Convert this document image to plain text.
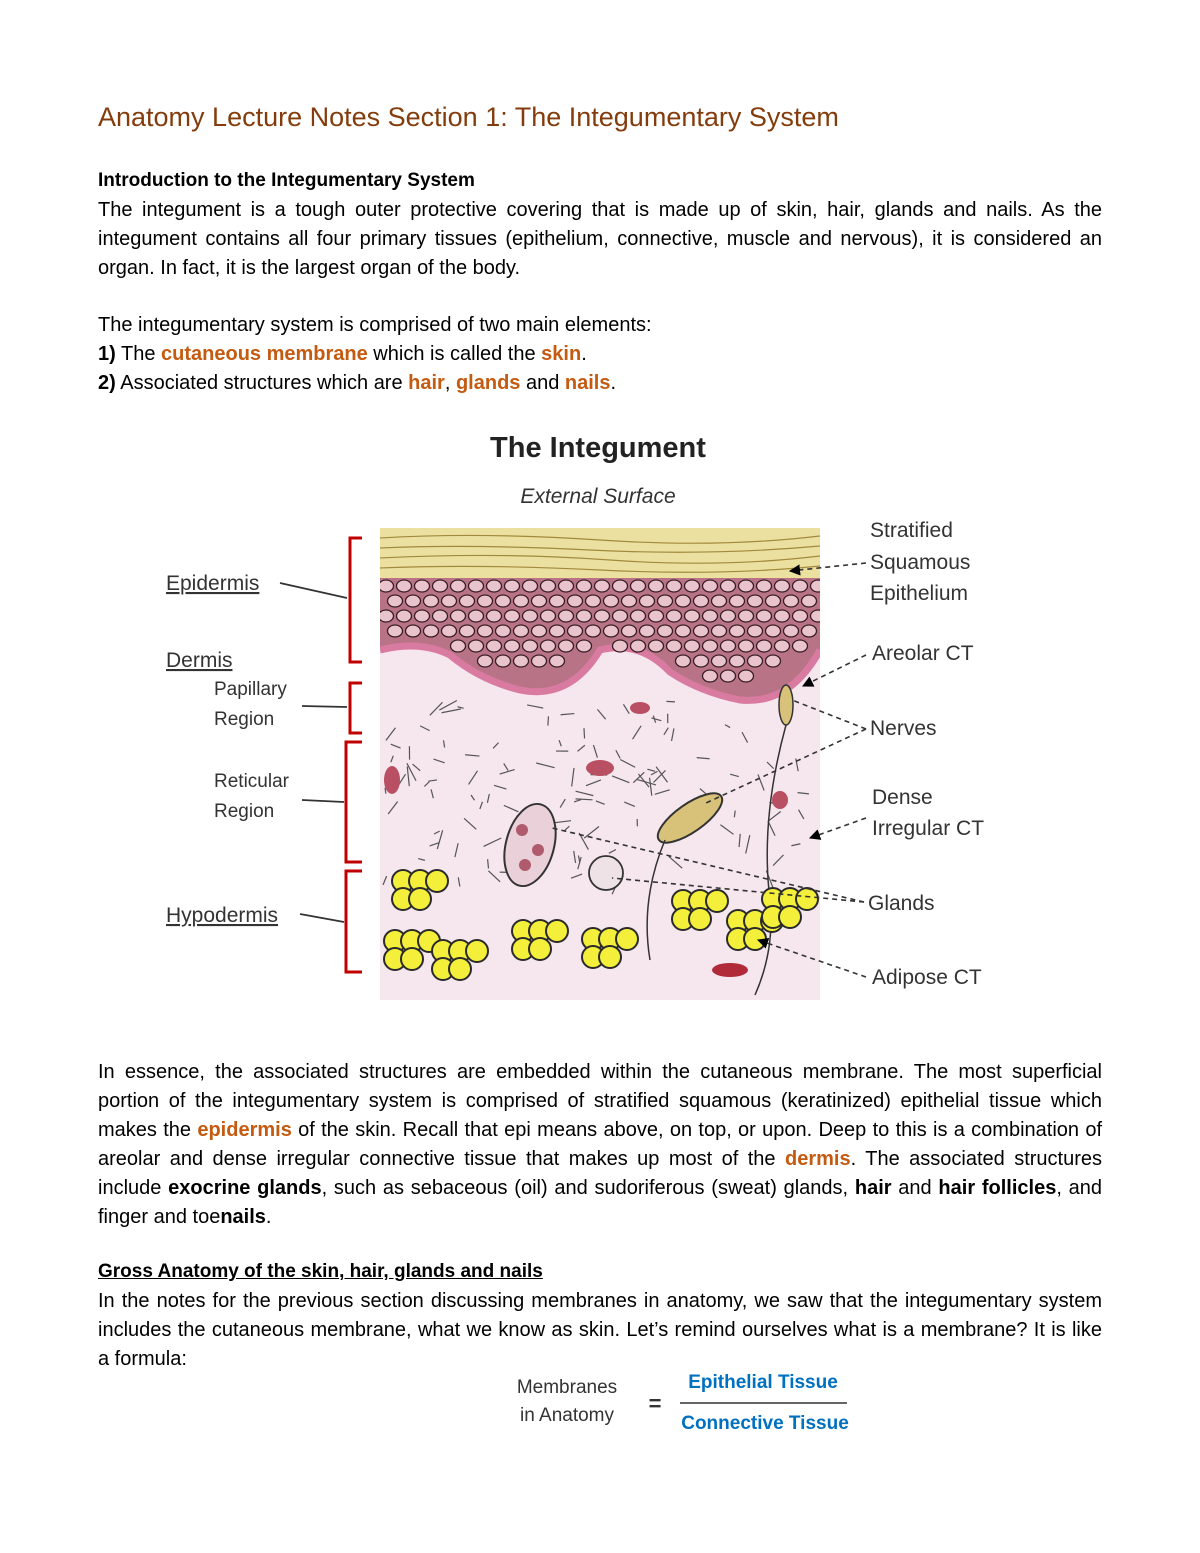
Anatomy Lecture Notes Section 1: The Integumentary System
Introduction to the Integumentary System
The integument is a tough outer protective covering that is made up of skin, hair, glands and nails. As the integument contains all four primary tissues (epithelium, connective, muscle and nervous), it is considered an organ. In fact, it is the largest organ of the body.
The integumentary system is comprised of two main elements:
1) The cutaneous membrane which is called the skin.
2) Associated structures which are hair, glands and nails.
The Integument
External Surface
Epidermis
Dermis
Papillary
Region
Reticular
Region
Hypodermis
Stratified
Squamous
Epithelium
Areolar CT
Nerves
Dense
Irregular CT
Glands
Adipose CT
In essence, the associated structures are embedded within the cutaneous membrane. The most superficial portion of the integumentary system is comprised of stratified squamous (keratinized) epithelial tissue which makes the epidermis of the skin. Recall that epi means above, on top, or upon. Deep to this is a combination of areolar and dense irregular connective tissue that makes up most of the dermis. The associated structures include exocrine glands, such as sebaceous (oil) and sudoriferous (sweat) glands, hair and hair follicles, and finger and toenails.
Gross Anatomy of the skin, hair, glands and nails
In the notes for the previous section discussing membranes in anatomy, we saw that the integumentary system includes the cutaneous membrane, what we know as skin. Let’s remind ourselves what is a membrane? It is like a formula:
Membranes
in Anatomy =
Epithelial Tissue
Connective Tissue
